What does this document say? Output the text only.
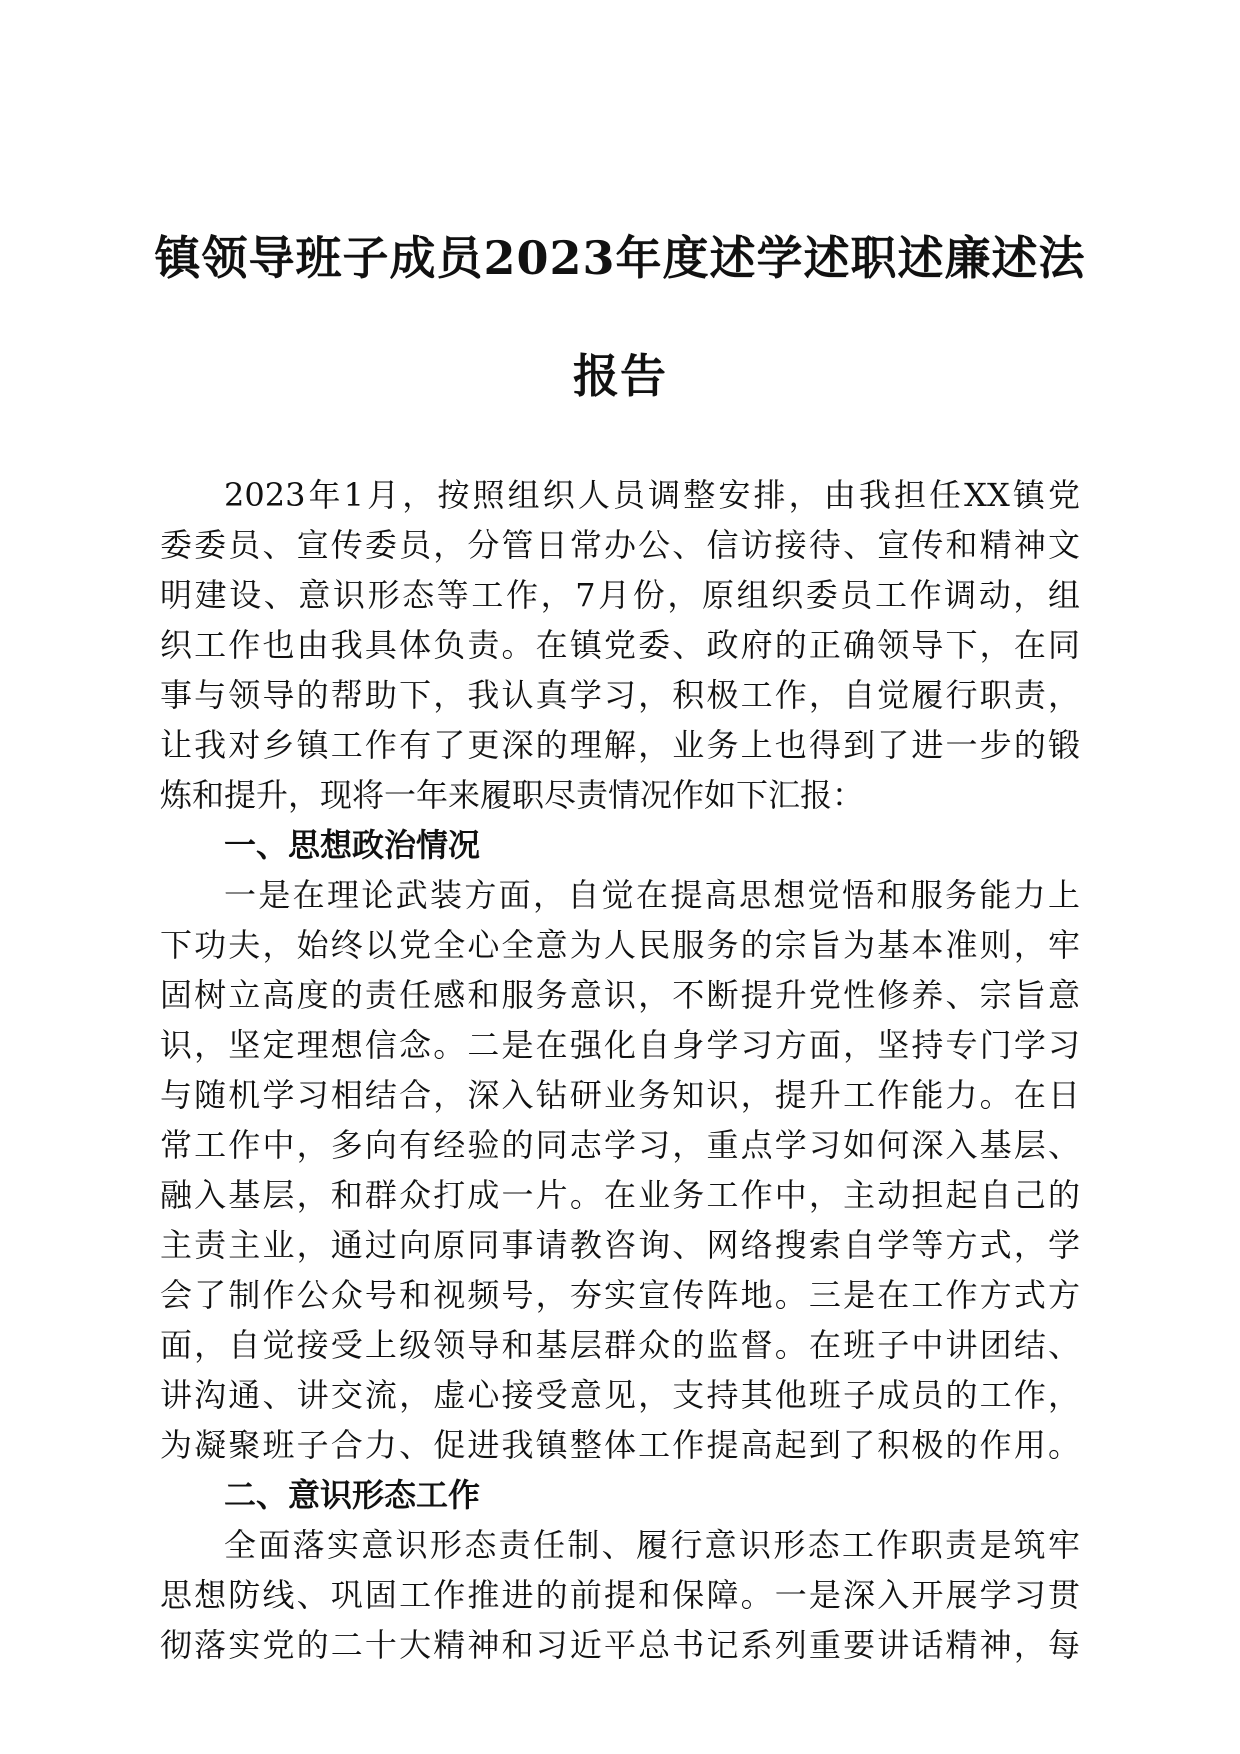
镇领导班子成员2023年度述学述职述廉述法
报告
2023年1月，按照组织人员调整安排，由我担任XX镇党
委委员、宣传委员，分管日常办公、信访接待、宣传和精神文
明建设、意识形态等工作，7月份，原组织委员工作调动，组
织工作也由我具体负责。在镇党委、政府的正确领导下，在同
事与领导的帮助下，我认真学习，积极工作，自觉履行职责，
让我对乡镇工作有了更深的理解，业务上也得到了进一步的锻
炼和提升，现将一年来履职尽责情况作如下汇报：
一、思想政治情况
一是在理论武装方面，自觉在提高思想觉悟和服务能力上
下功夫，始终以党全心全意为人民服务的宗旨为基本准则，牢
固树立高度的责任感和服务意识，不断提升党性修养、宗旨意
识，坚定理想信念。二是在强化自身学习方面，坚持专门学习
与随机学习相结合，深入钻研业务知识，提升工作能力。在日
常工作中，多向有经验的同志学习，重点学习如何深入基层、
融入基层，和群众打成一片。在业务工作中，主动担起自己的
主责主业，通过向原同事请教咨询、网络搜索自学等方式，学
会了制作公众号和视频号，夯实宣传阵地。三是在工作方式方
面，自觉接受上级领导和基层群众的监督。在班子中讲团结、
讲沟通、讲交流，虚心接受意见，支持其他班子成员的工作，
为凝聚班子合力、促进我镇整体工作提高起到了积极的作用。
二、意识形态工作
全面落实意识形态责任制、履行意识形态工作职责是筑牢
思想防线、巩固工作推进的前提和保障。一是深入开展学习贯
彻落实党的二十大精神和习近平总书记系列重要讲话精神，每
